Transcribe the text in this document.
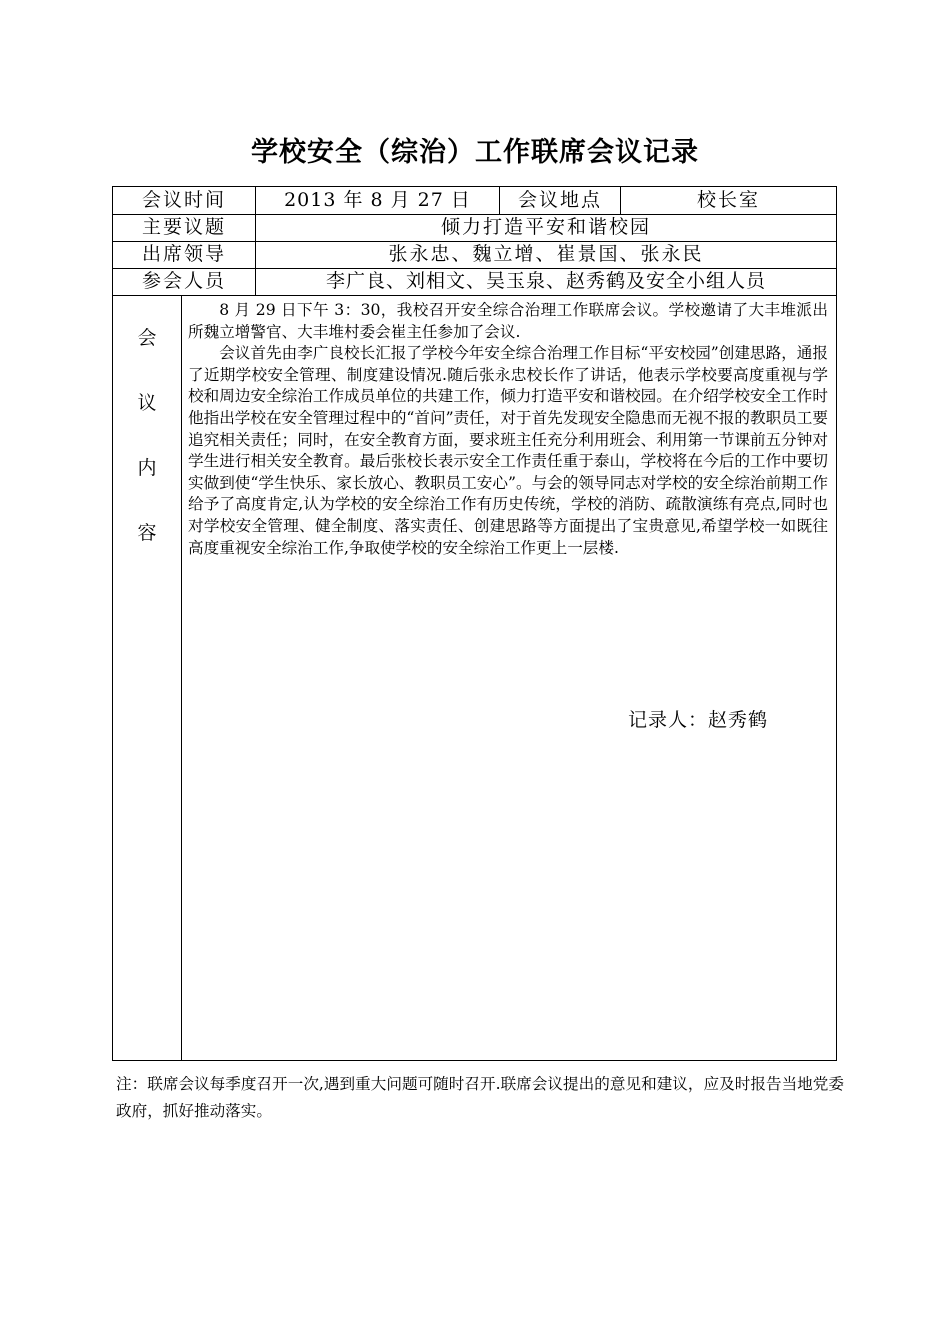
学校安全（综治）工作联席会议记录
会议时间	2013 年 8 月 27 日	会议地点	校长室
主要议题	倾力打造平安和谐校园
出席领导	张永忠、魏立增、崔景国、张永民
参会人员	李广良、刘相文、吴玉泉、赵秀鹤及安全小组人员
会
议
内
容

8 月 29 日下午 3：30，我校召开安全综合治理工作联席会议。学校邀请了大丰堆派出所魏立增警官、大丰堆村委会崔主任参加了会议.

会议首先由李广良校长汇报了学校今年安全综合治理工作目标“平安校园”创建思路，通报了近期学校安全管理、制度建设情况.随后张永忠校长作了讲话，他表示学校要高度重视与学校和周边安全综治工作成员单位的共建工作，倾力打造平安和谐校园。在介绍学校安全工作时他指出学校在安全管理过程中的“首问”责任，对于首先发现安全隐患而无视不报的教职员工要追究相关责任；同时，在安全教育方面，要求班主任充分利用班会、利用第一节课前五分钟对学生进行相关安全教育。最后张校长表示安全工作责任重于泰山，学校将在今后的工作中要切实做到使“学生快乐、家长放心、教职员工安心”。与会的领导同志对学校的安全综治前期工作给予了高度肯定,认为学校的安全综治工作有历史传统，学校的消防、疏散演练有亮点,同时也对学校安全管理、健全制度、落实责任、创建思路等方面提出了宝贵意见,希望学校一如既往高度重视安全综治工作,争取使学校的安全综治工作更上一层楼.

记录人：赵秀鹤
注：联席会议每季度召开一次,遇到重大问题可随时召开.联席会议提出的意见和建议，应及时报告当地党委政府，抓好推动落实。
